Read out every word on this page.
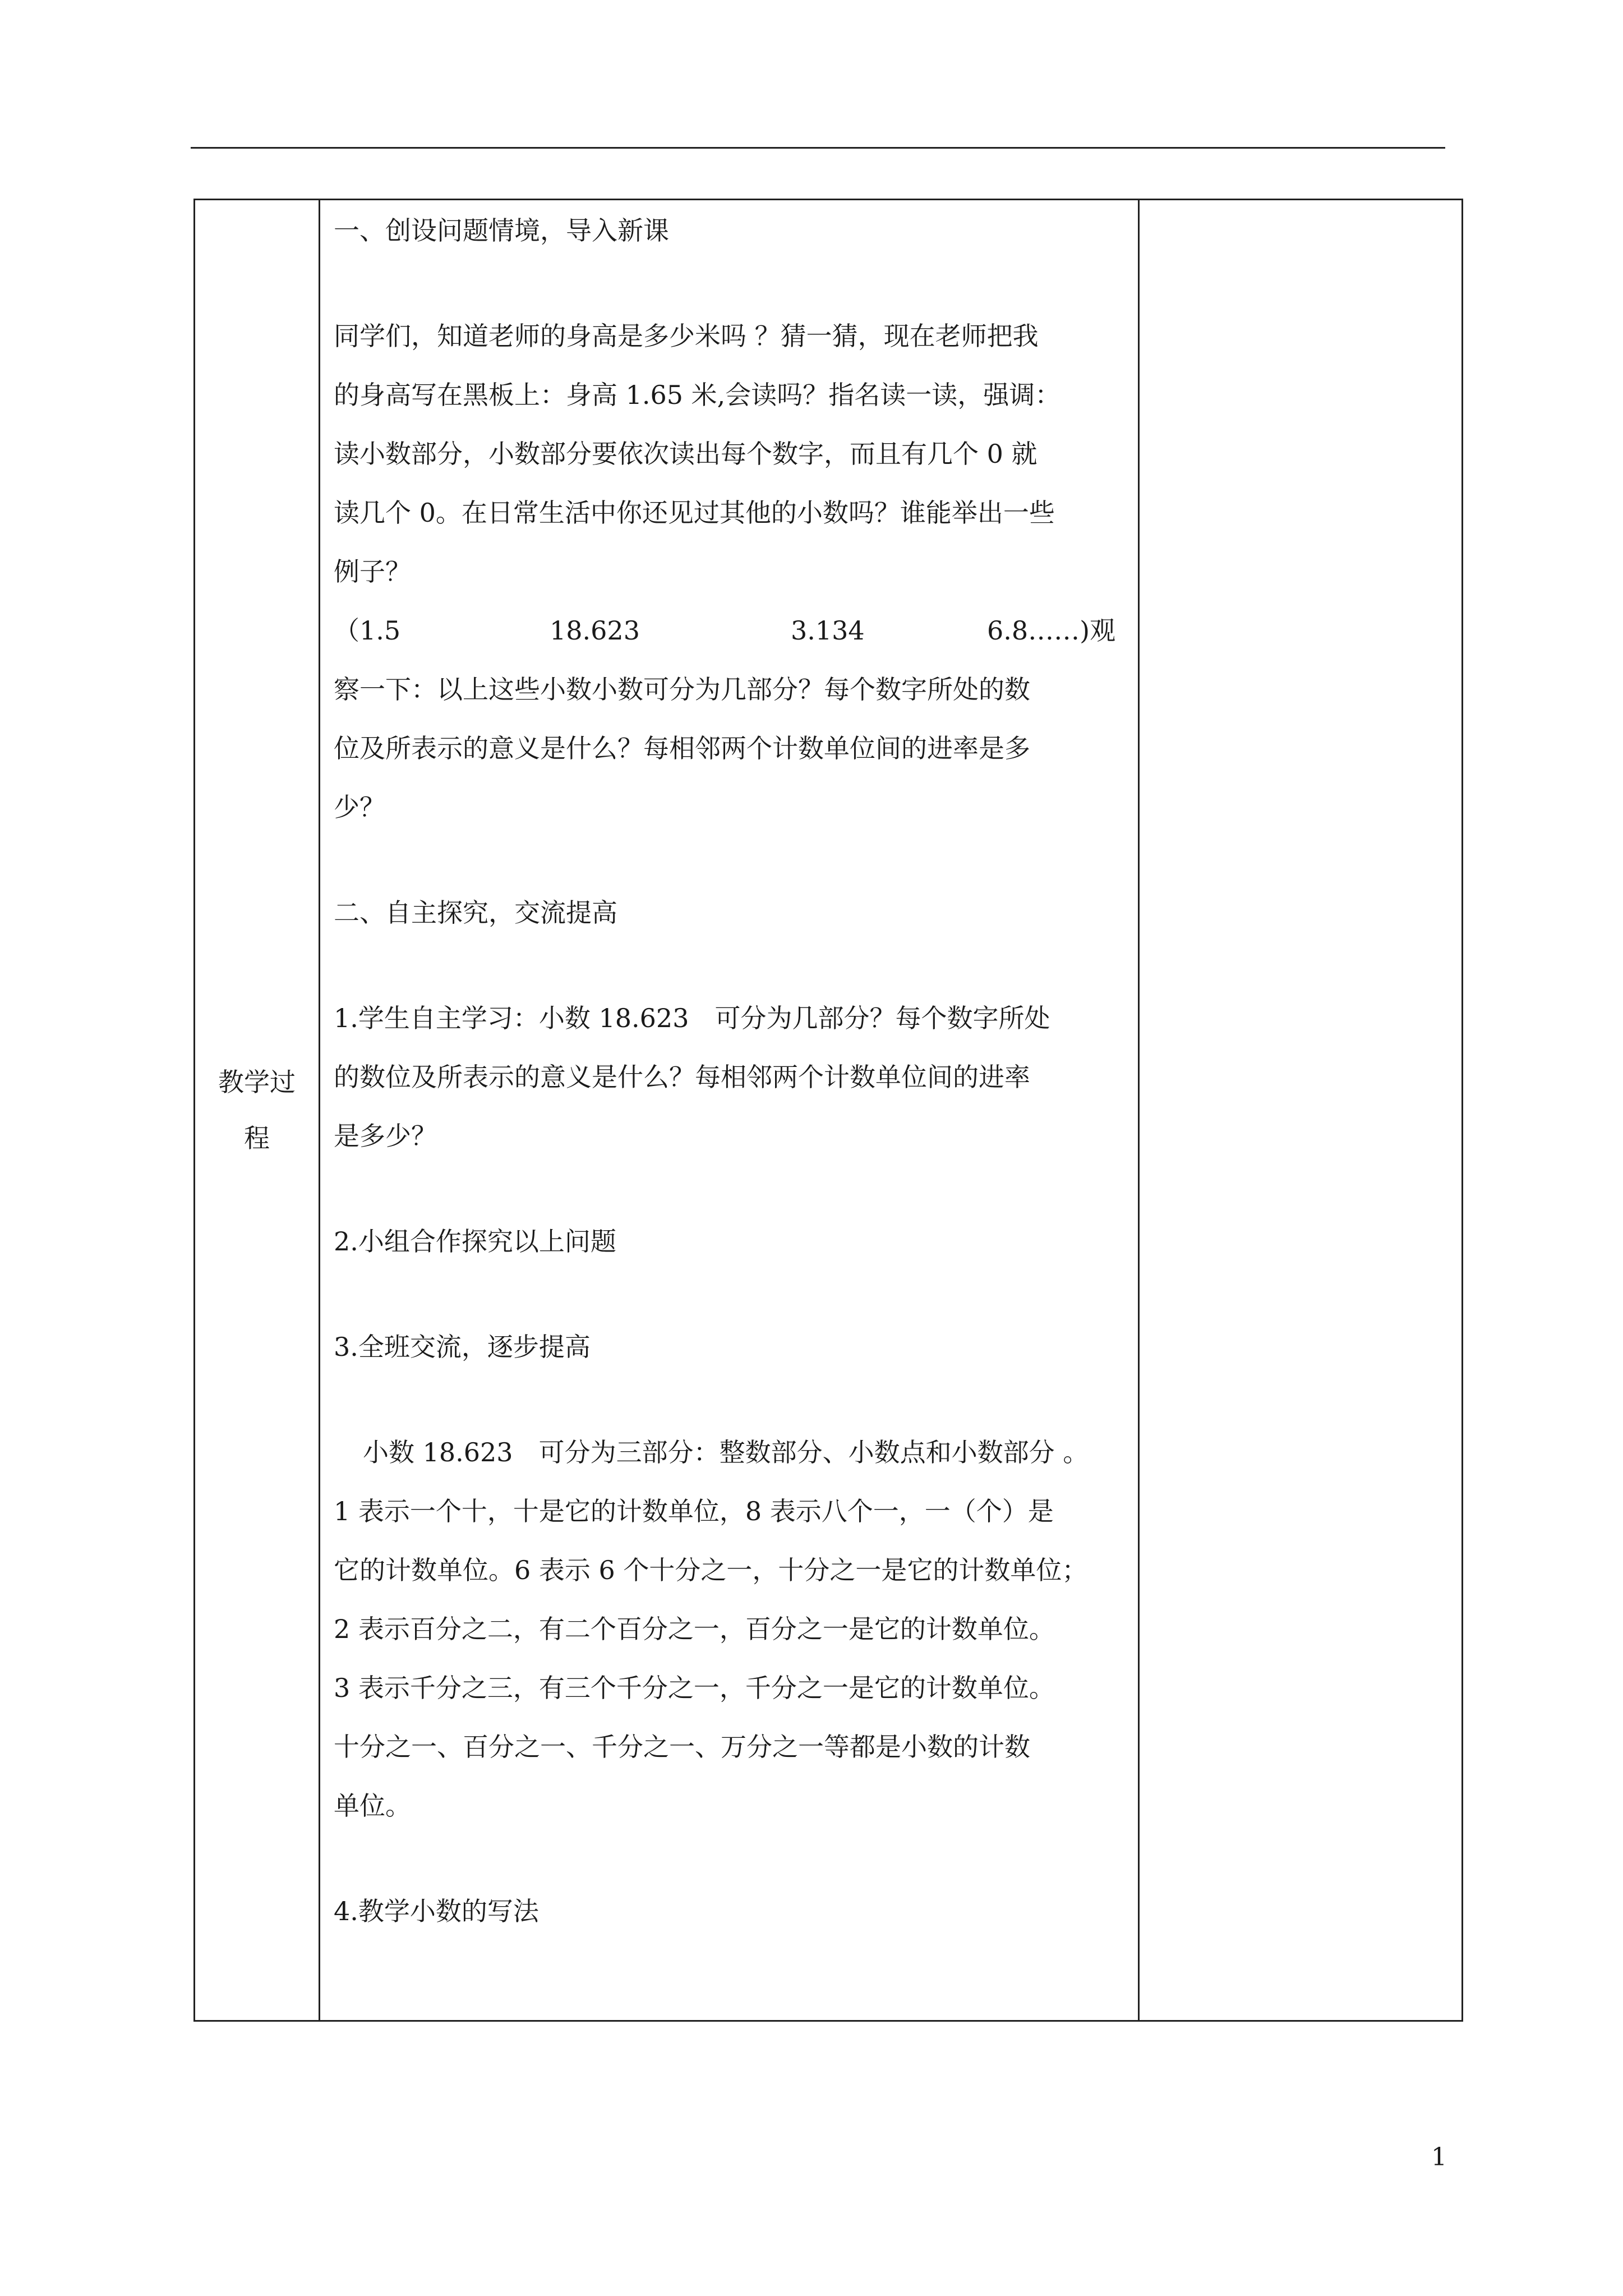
教学过
程	
一、创设问题情境，导入新课
同学们，知道老师的身高是多少米吗 ？猜一猜，现在老师把我
的身高写在黑板上：身高 1.65 米,会读吗？指名读一读，强调：
读小数部分，小数部分要依次读出每个数字，而且有几个 0 就
读几个 0。在日常生活中你还见过其他的小数吗？谁能举出一些
例子？
（1.5	18.623	3.134	6.8……)观
察一下：以上这些小数小数可分为几部分？每个数字所处的数
位及所表示的意义是什么？每相邻两个计数单位间的进率是多
少？
二、自主探究，交流提高
1.学生自主学习：小数 18.623　可分为几部分？每个数字所处
的数位及所表示的意义是什么？每相邻两个计数单位间的进率
是多少？
2.小组合作探究以上问题
3.全班交流，逐步提高
小数 18.623　可分为三部分：整数部分、小数点和小数部分 。
1 表示一个十，十是它的计数单位，8 表示八个一，一（个）是
它的计数单位。6 表示 6 个十分之一，十分之一是它的计数单位；
2 表示百分之二，有二个百分之一，百分之一是它的计数单位。
3 表示千分之三，有三个千分之一，千分之一是它的计数单位。
十分之一、百分之一、千分之一、万分之一等都是小数的计数
单位。
4.教学小数的写法

1
